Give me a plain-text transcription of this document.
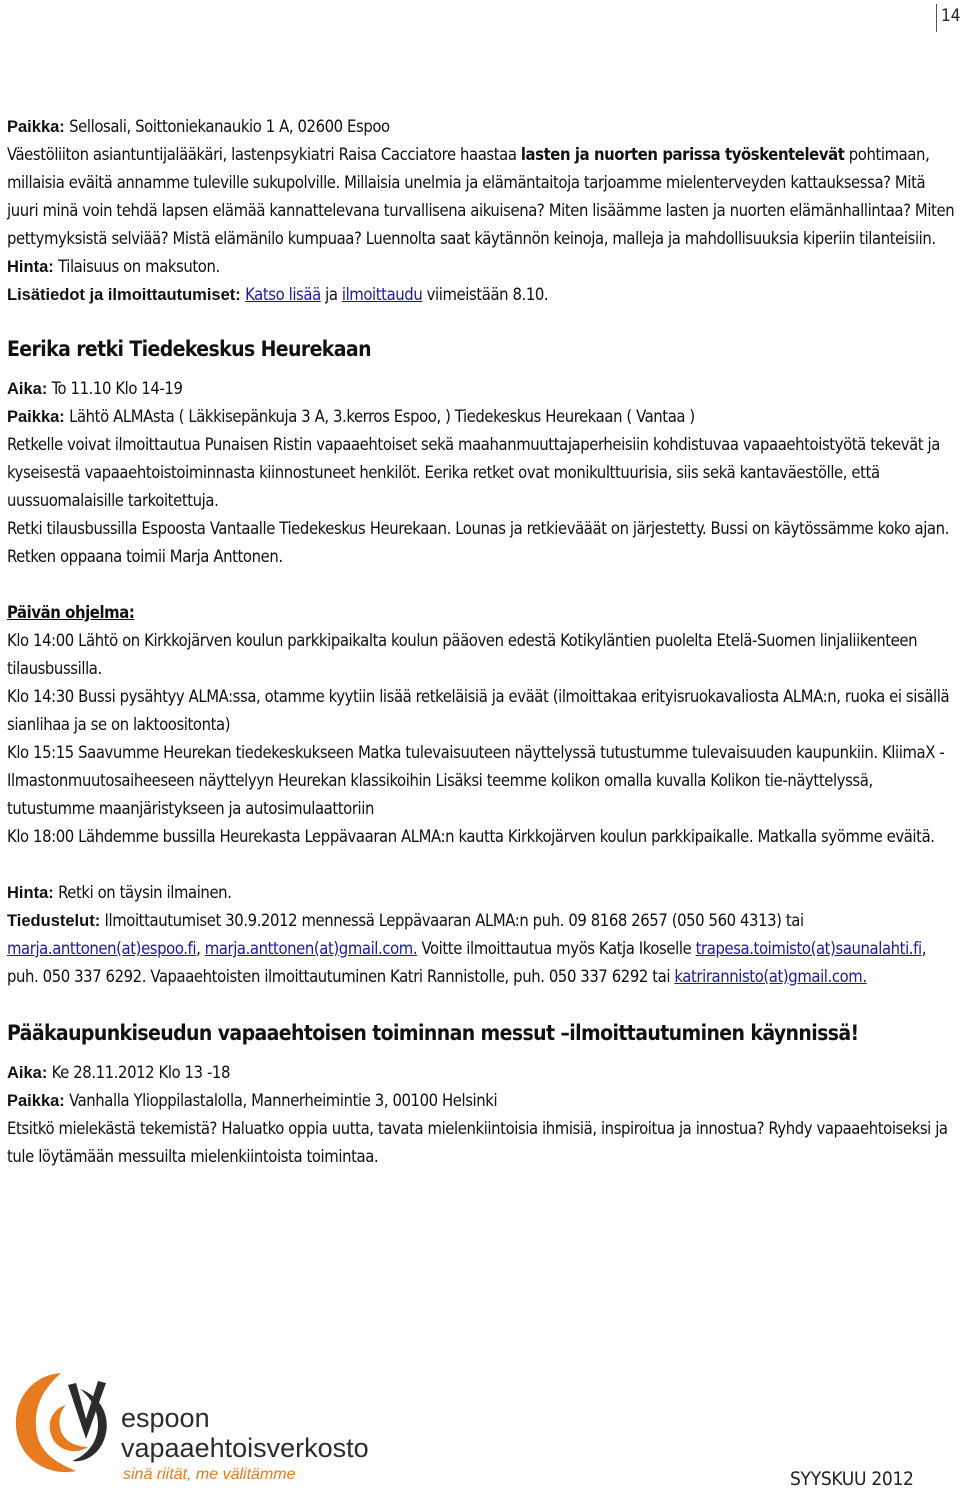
14

Paikka: Sellosali, Soittoniekanaukio 1 A, 02600 Espoo

Väestöliiton asiantuntijalääkäri, lastenpsykiatri Raisa Cacciatore haastaa lasten ja nuorten parissa työskentelevät pohtimaan, millaisia eväitä annamme tuleville sukupolville. Millaisia unelmia ja elämäntaitoja tarjoamme mielenterveyden kattauksessa? Mitä juuri minä voin tehdä lapsen elämää kannattelevana turvallisena aikuisena? Miten lisäämme lasten ja nuorten elämänhallintaa? Miten pettymyksistä selviää? Mistä elämänilo kumpuaa? Luennolta saat käytännön keinoja, malleja ja mahdollisuuksia kiperiin tilanteisiin.

Hinta: Tilaisuus on maksuton.

Lisätiedot ja ilmoittautumiset: Katso lisää ja ilmoittaudu viimeistään 8.10.

Eerika retki Tiedekeskus Heurekaan

Aika: To 11.10 Klo 14-19

Paikka: Lähtö ALMAsta ( Läkkisepänkuja 3 A, 3.kerros Espoo, ) Tiedekeskus Heurekaan ( Vantaa )

Retkelle voivat ilmoittautua Punaisen Ristin vapaaehtoiset sekä maahanmuuttajaperheisiin kohdistuvaa vapaaehtoistyötä tekevät ja kyseisestä vapaaehtoistoiminnasta kiinnostuneet henkilöt. Eerika retket ovat monikulttuurisia, siis sekä kantaväestölle, että uussuomalaisille tarkoitettuja.

Retki tilausbussilla Espoosta Vantaalle Tiedekeskus Heurekaan. Lounas ja retkievääät on järjestetty. Bussi on käytössämme koko ajan. Retken oppaana toimii Marja Anttonen.

Päivän ohjelma:

Klo 14:00 Lähtö on Kirkkojärven koulun parkkipaikalta koulun pääoven edestä Kotikyläntien puolelta Etelä-Suomen linjaliikenteen tilausbussilla.

Klo 14:30 Bussi pysähtyy ALMA:ssa, otamme kyytiin lisää retkeläisiä ja eväät (ilmoittakaa erityisruokavaliosta ALMA:n, ruoka ei sisällä sianlihaa ja se on laktoositonta)

Klo 15:15 Saavumme Heurekan tiedekeskukseen Matka tulevaisuuteen näyttelyssä tutustumme tulevaisuuden kaupunkiin. KliimaX - Ilmastonmuutosaiheeseen näyttelyyn Heurekan klassikoihin Lisäksi teemme kolikon omalla kuvalla Kolikon tie-näyttelyssä, tutustumme maanjäristykseen ja autosimulaattoriin

Klo 18:00 Lähdemme bussilla Heurekasta Leppävaaran ALMA:n kautta Kirkkojärven koulun parkkipaikalle. Matkalla syömme eväitä.

Hinta: Retki on täysin ilmainen.

Tiedustelut: Ilmoittautumiset 30.9.2012 mennessä Leppävaaran ALMA:n puh. 09 8168 2657 (050 560 4313) tai marja.anttonen(at)espoo.fi, marja.anttonen(at)gmail.com. Voitte ilmoittautua myös Katja Ikoselle trapesa.toimisto(at)saunalahti.fi, puh. 050 337 6292. Vapaaehtoisten ilmoittautuminen Katri Rannistolle, puh. 050 337 6292 tai katrirannisto(at)gmail.com.

Pääkaupunkiseudun vapaaehtoisen toiminnan messut –ilmoittautuminen käynnissä!

Aika: Ke 28.11.2012 Klo 13 -18

Paikka: Vanhalla Ylioppilastalolla, Mannerheimintie 3, 00100 Helsinki

Etsitkö mielekästä tekemistä? Haluatko oppia uutta, tavata mielenkiintoisia ihmisiä, inspiroitua ja innostua? Ryhdy vapaaehtoiseksi ja tule löytämään messuilta mielenkiintoista toimintaa.

espoon
vapaaehtoisverkosto
sinä riität, me välitämme	SYYSKUU 2012
